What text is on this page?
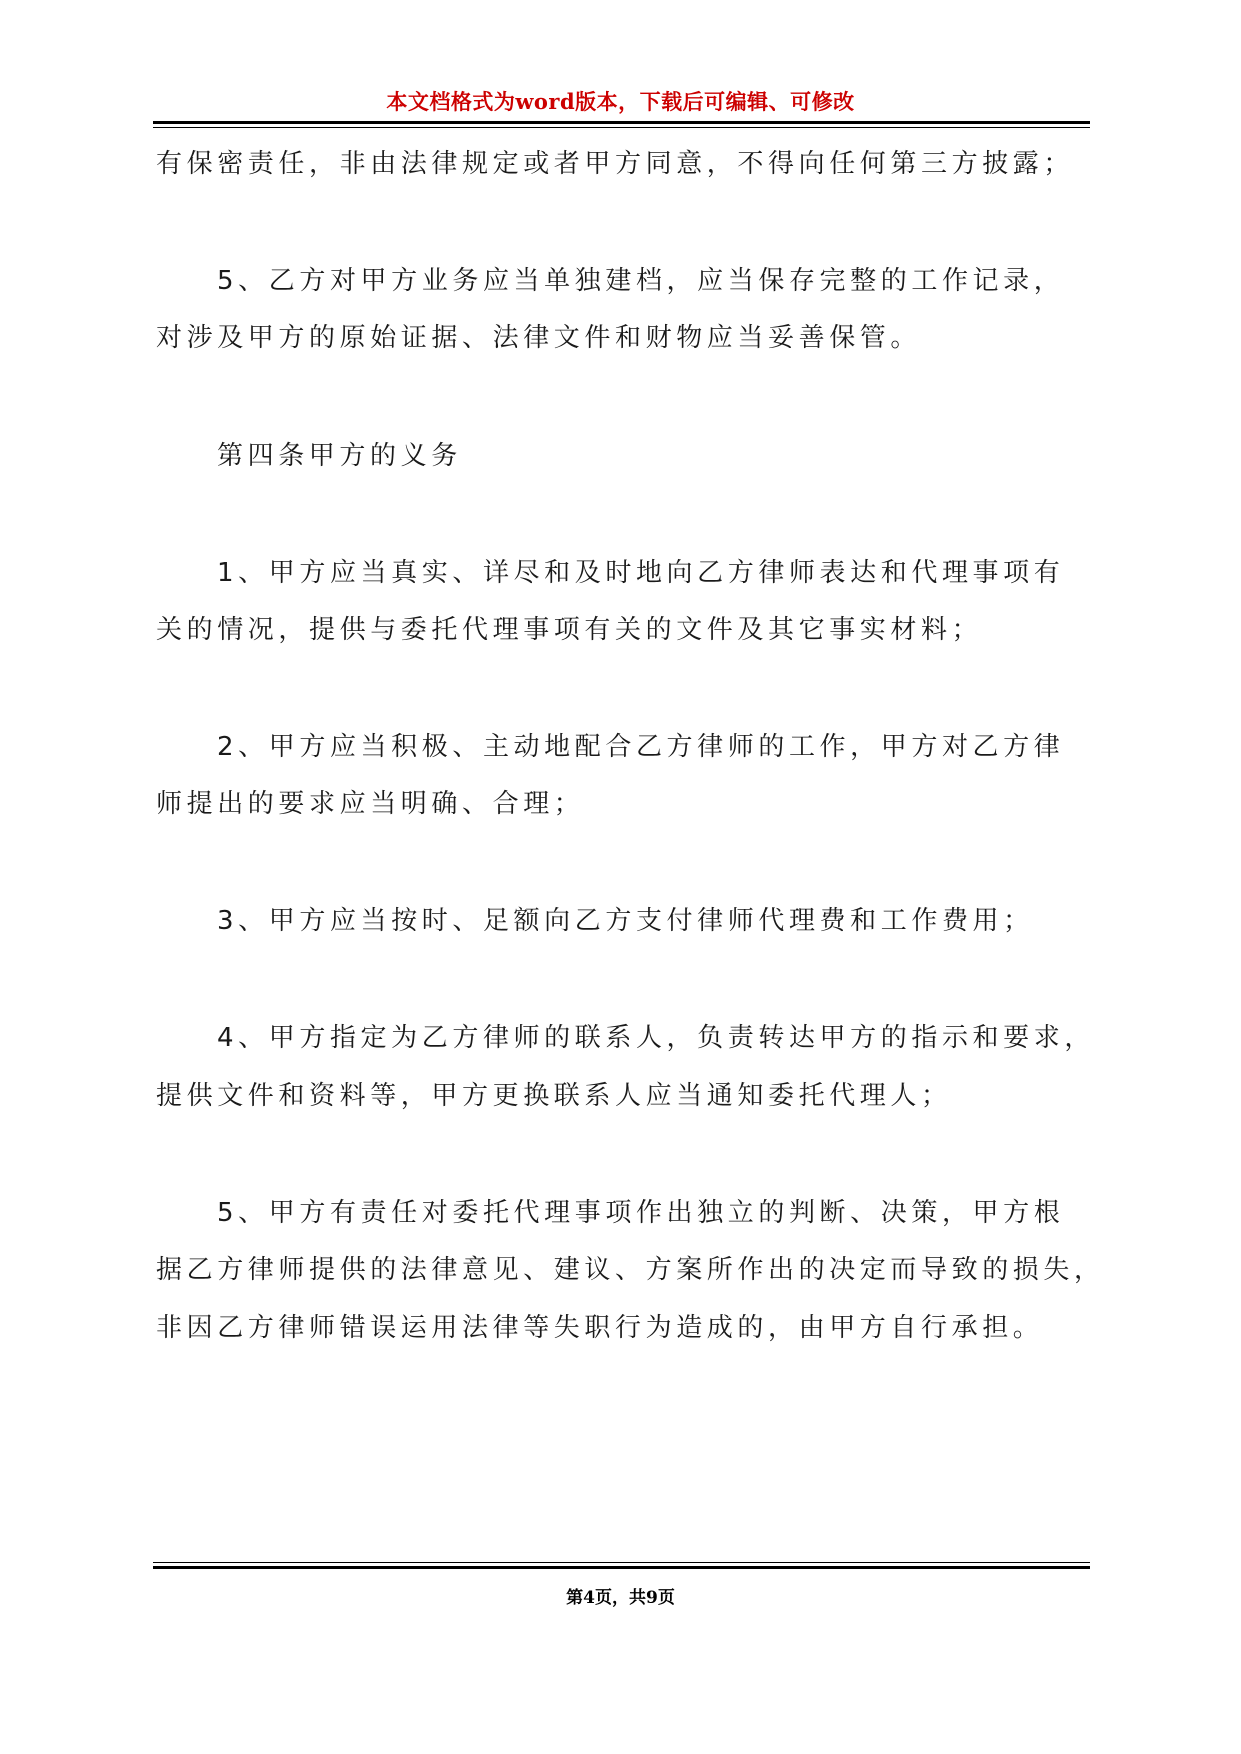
本文档格式为word版本，下载后可编辑、可修改
有保密责任，非由法律规定或者甲方同意，不得向任何第三方披露；
5、乙方对甲方业务应当单独建档，应当保存完整的工作记录，
对涉及甲方的原始证据、法律文件和财物应当妥善保管。
第四条甲方的义务
1、甲方应当真实、详尽和及时地向乙方律师表达和代理事项有
关的情况，提供与委托代理事项有关的文件及其它事实材料；
2、甲方应当积极、主动地配合乙方律师的工作，甲方对乙方律
师提出的要求应当明确、合理；
3、甲方应当按时、足额向乙方支付律师代理费和工作费用；
4、甲方指定为乙方律师的联系人，负责转达甲方的指示和要求，
提供文件和资料等，甲方更换联系人应当通知委托代理人；
5、甲方有责任对委托代理事项作出独立的判断、决策，甲方根
据乙方律师提供的法律意见、建议、方案所作出的决定而导致的损失，
非因乙方律师错误运用法律等失职行为造成的，由甲方自行承担。
第4页，共9页
